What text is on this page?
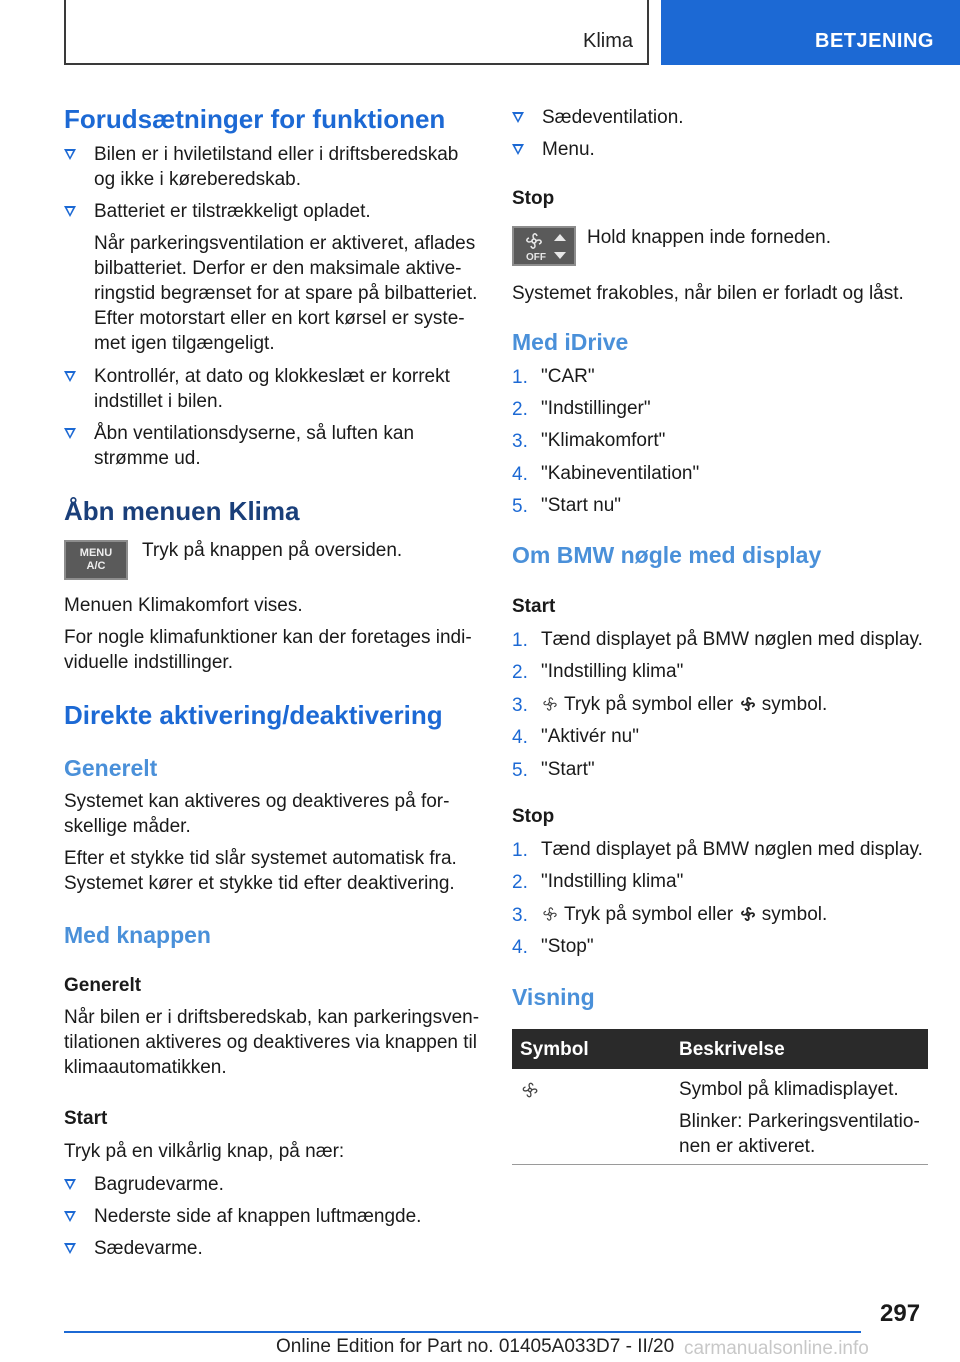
Klima	BETJENING
Forudsætninger for funktionen
Bilen er i hviletilstand eller i driftsberedskab
og ikke i køreberedskab.
Batteriet er tilstrækkeligt opladet.
Når parkeringsventilation er aktiveret, aflades
bilbatteriet. Derfor er den maksimale aktive-
ringstid begrænset for at spare på bilbatteriet.
Efter motorstart eller en kort kørsel er syste-
met igen tilgængeligt.
Kontrollér, at dato og klokkeslæt er korrekt
indstillet i bilen.
Åbn ventilationsdyserne, så luften kan
strømme ud.
Åbn menuen Klima
MENU
A/C
Tryk på knappen på oversiden.
Menuen Klimakomfort vises.
For nogle klimafunktioner kan der foretages indi-
viduelle indstillinger.
Direkte aktivering/deaktivering
Generelt
Systemet kan aktiveres og deaktiveres på for-
skellige måder.
Efter et stykke tid slår systemet automatisk fra.
Systemet kører et stykke tid efter deaktivering.
Med knappen
Generelt
Når bilen er i driftsberedskab, kan parkeringsven-
tilationen aktiveres og deaktiveres via knappen til
klimaautomatikken.
Start
Tryk på en vilkårlig knap, på nær:
Bagrudevarme.
Nederste side af knappen luftmængde.
Sædevarme.
Sædeventilation.
Menu.
Stop
OFF
Hold knappen inde forneden.
Systemet frakobles, når bilen er forladt og låst.
Med iDrive
1. "CAR"
2. "Indstillinger"
3. "Klimakomfort"
4. "Kabineventilation"
5. "Start nu"
Om BMW nøgle med display
Start
1. Tænd displayet på BMW nøglen med display.
2. "Indstilling klima"
3.	Tryk på symbol eller symbol.
4. "Aktivér nu"
5. "Start"
Stop
1. Tænd displayet på BMW nøglen med display.
2. "Indstilling klima"
3.	Tryk på symbol eller symbol.
4. "Stop"
Visning
Symbol	Beskrivelse
Symbol på klimadisplayet.
Blinker: Parkeringsventilatio-
nen er aktiveret.
297
Online Edition for Part no. 01405A033D7 - II/20 carmanualsonline.info
